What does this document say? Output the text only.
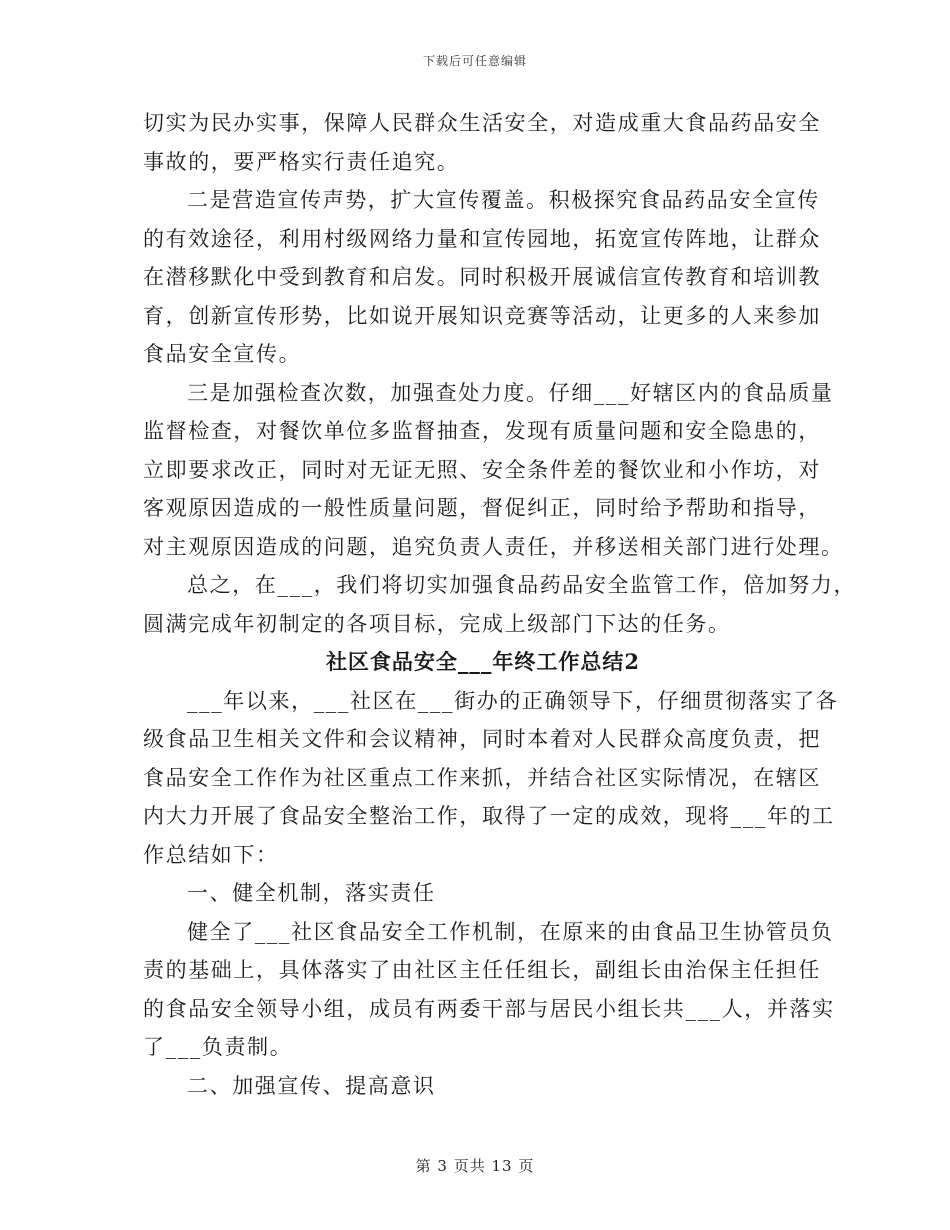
下载后可任意编辑
切实为民办实事，保障人民群众生活安全，对造成重大食品药品安全
事故的，要严格实行责任追究。
二是营造宣传声势，扩大宣传覆盖。积极探究食品药品安全宣传
的有效途径，利用村级网络力量和宣传园地，拓宽宣传阵地，让群众
在潜移默化中受到教育和启发。同时积极开展诚信宣传教育和培训教
育，创新宣传形势，比如说开展知识竞赛等活动，让更多的人来参加
食品安全宣传。
三是加强检查次数，加强查处力度。仔细___好辖区内的食品质量
监督检查，对餐饮单位多监督抽查，发现有质量问题和安全隐患的，
立即要求改正，同时对无证无照、安全条件差的餐饮业和小作坊，对
客观原因造成的一般性质量问题，督促纠正，同时给予帮助和指导，
对主观原因造成的问题，追究负责人责任，并移送相关部门进行处理。
总之，在___，我们将切实加强食品药品安全监管工作，倍加努力，
圆满完成年初制定的各项目标，完成上级部门下达的任务。
社区食品安全___年终工作总结2
___年以来，___社区在___街办的正确领导下，仔细贯彻落实了各
级食品卫生相关文件和会议精神，同时本着对人民群众高度负责，把
食品安全工作作为社区重点工作来抓，并结合社区实际情况，在辖区
内大力开展了食品安全整治工作，取得了一定的成效，现将___年的工
作总结如下：
一、健全机制，落实责任
健全了___社区食品安全工作机制，在原来的由食品卫生协管员负
责的基础上，具体落实了由社区主任任组长，副组长由治保主任担任
的食品安全领导小组，成员有两委干部与居民小组长共___人，并落实
了___负责制。
二、加强宣传、提高意识
第 3 页共 13 页
